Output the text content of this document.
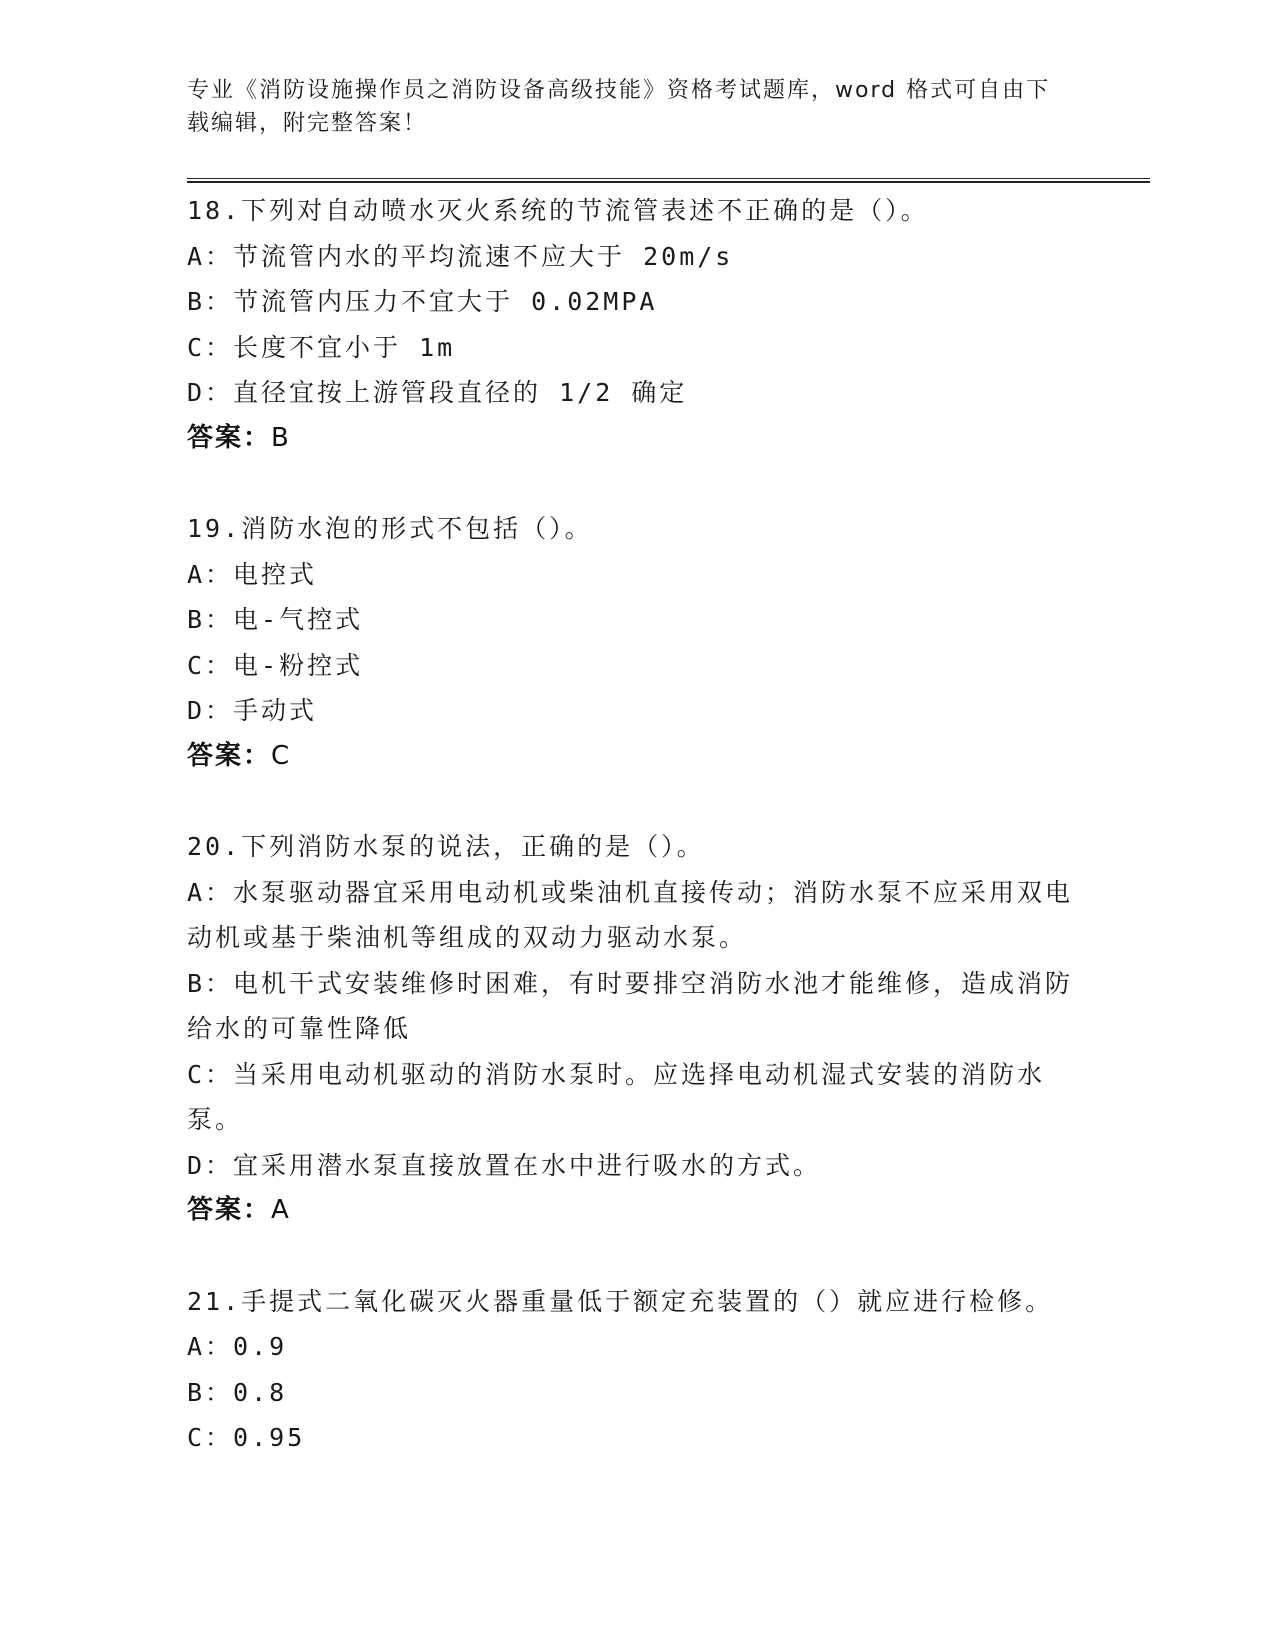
专业《消防设施操作员之消防设备高级技能》资格考试题库，word 格式可自由下载编辑，附完整答案！
18.下列对自动喷水灭火系统的节流管表述不正确的是（）。
A：节流管内水的平均流速不应大于 20m/s
B：节流管内压力不宜大于 0.02MPA
C：长度不宜小于 1m
D：直径宜按上游管段直径的 1/2 确定
答案：B
19.消防水泡的形式不包括（）。
A：电控式
B：电-气控式
C：电-粉控式
D：手动式
答案：C
20.下列消防水泵的说法，正确的是（）。
A：水泵驱动器宜采用电动机或柴油机直接传动；消防水泵不应采用双电动机或基于柴油机等组成的双动力驱动水泵。
B：电机干式安装维修时困难，有时要排空消防水池才能维修，造成消防给水的可靠性降低
C：当采用电动机驱动的消防水泵时。应选择电动机湿式安装的消防水泵。
D：宜采用潜水泵直接放置在水中进行吸水的方式。
答案：A
21.手提式二氧化碳灭火器重量低于额定充装置的（）就应进行检修。
A：0.9
B：0.8
C：0.95
